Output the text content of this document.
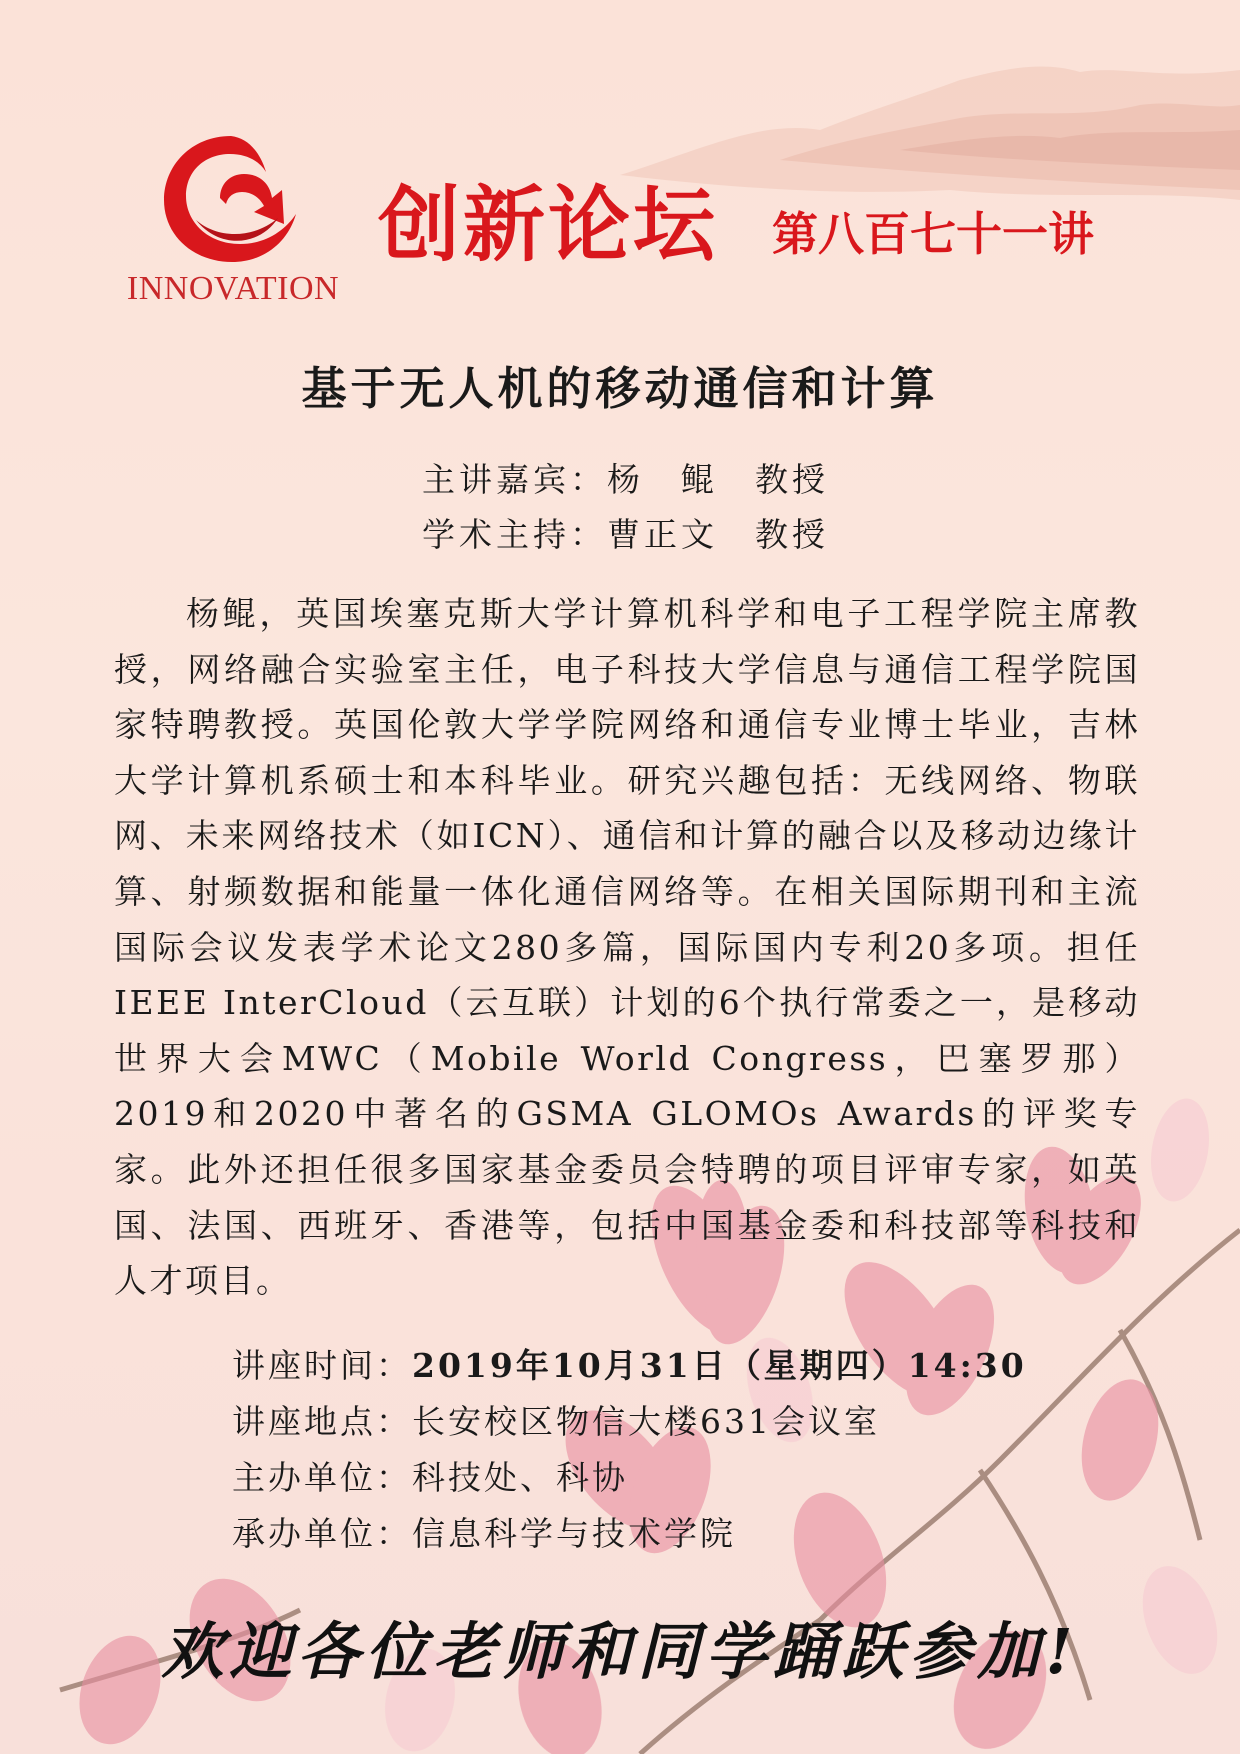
INNOVATION
创新论坛 第八百七十一讲
基于无人机的移动通信和计算
主讲嘉宾：杨　鲲 教授
学术主持：曹正文 教授

杨鲲，英国埃塞克斯大学计算机科学和电子工程学院主席教授，网络融合实验室主任，电子科技大学信息与通信工程学院国家特聘教授。英国伦敦大学学院网络和通信专业博士毕业，吉林大学计算机系硕士和本科毕业。研究兴趣包括：无线网络、物联网、未来网络技术（如ICN）、通信和计算的融合以及移动边缘计算、射频数据和能量一体化通信网络等。在相关国际期刊和主流国际会议发表学术论文280多篇，国际国内专利20多项。担任IEEE InterCloud（云互联）计划的6个执行常委之一，是移动世界大会MWC（Mobile World Congress，巴塞罗那）2019和2020中著名的GSMA GLOMOs Awards的评奖专家。此外还担任很多国家基金委员会特聘的项目评审专家，如英国、法国、西班牙、香港等，包括中国基金委和科技部等科技和人才项目。

讲座时间：2019年10月31日（星期四）14:30
讲座地点：长安校区物信大楼631会议室
主办单位：科技处、科协
承办单位：信息科学与技术学院
欢迎各位老师和同学踊跃参加!
